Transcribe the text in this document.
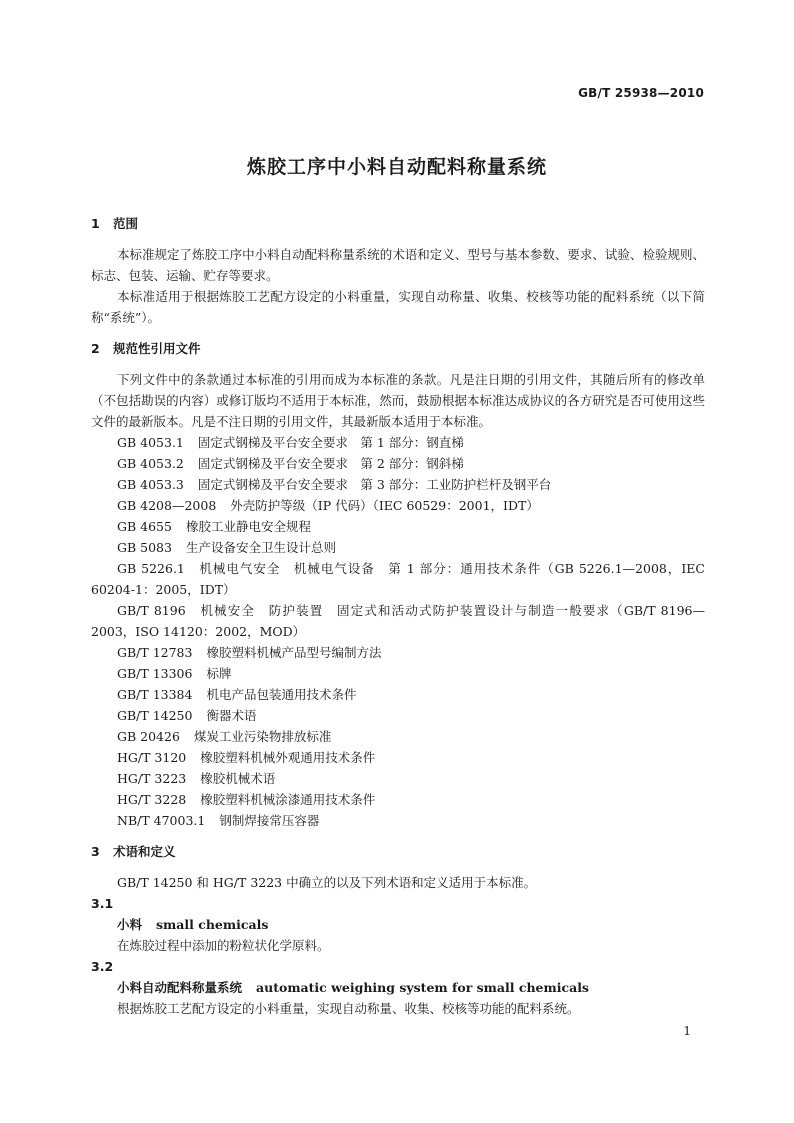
GB/T 25938—2010
炼胶工序中小料自动配料称量系统
1 范围

本标准规定了炼胶工序中小料自动配料称量系统的术语和定义、型号与基本参数、要求、试验、检验规则、标志、包装、运输、贮存等要求。

本标准适用于根据炼胶工艺配方设定的小料重量，实现自动称量、收集、校核等功能的配料系统（以下简称“系统”）。

2 规范性引用文件

下列文件中的条款通过本标准的引用而成为本标准的条款。凡是注日期的引用文件，其随后所有的修改单（不包括勘误的内容）或修订版均不适用于本标准，然而，鼓励根据本标准达成协议的各方研究是否可使用这些文件的最新版本。凡是不注日期的引用文件，其最新版本适用于本标准。

GB 4053.1 固定式钢梯及平台安全要求　第 1 部分：钢直梯

GB 4053.2 固定式钢梯及平台安全要求　第 2 部分：钢斜梯

GB 4053.3 固定式钢梯及平台安全要求　第 3 部分：工业防护栏杆及钢平台

GB 4208—2008 外壳防护等级（IP 代码）（IEC 60529：2001，IDT）

GB 4655 橡胶工业静电安全规程

GB 5083 生产设备安全卫生设计总则

GB 5226.1　机械电气安全　机械电气设备　第 1 部分：通用技术条件（GB 5226.1—2008，IEC 60204-1：2005，IDT）

GB/T 8196　机械安全　防护装置　固定式和活动式防护装置设计与制造一般要求（GB/T 8196—2003，ISO 14120：2002，MOD）

GB/T 12783 橡胶塑料机械产品型号编制方法

GB/T 13306 标牌

GB/T 13384 机电产品包装通用技术条件

GB/T 14250 衡器术语

GB 20426 煤炭工业污染物排放标准

HG/T 3120 橡胶塑料机械外观通用技术条件

HG/T 3223 橡胶机械术语

HG/T 3228 橡胶塑料机械涂漆通用技术条件

NB/T 47003.1 钢制焊接常压容器

3 术语和定义

GB/T 14250 和 HG/T 3223 中确立的以及下列术语和定义适用于本标准。

3.1

小料 small chemicals

在炼胶过程中添加的粉粒状化学原料。

3.2

小料自动配料称量系统 automatic weighing system for small chemicals

根据炼胶工艺配方设定的小料重量，实现自动称量、收集、校核等功能的配料系统。

1
